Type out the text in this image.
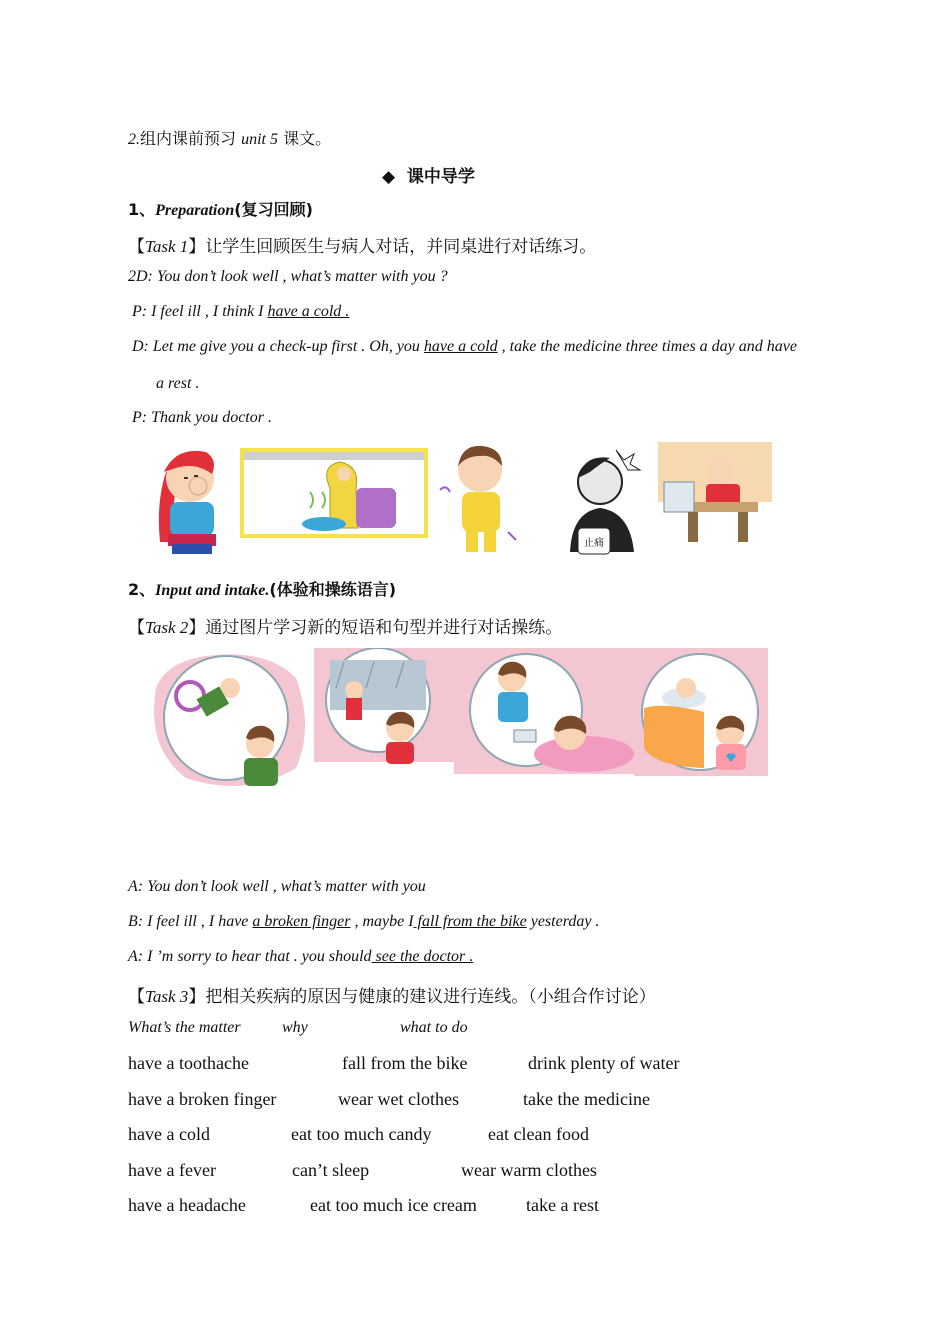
2.组内课前预习 unit 5 课文。
◆ 课中导学
1、Preparation(复习回顾)
【Task 1】让学生回顾医生与病人对话，并同桌进行对话练习。
2D: You don’t look well , what’s matter with you ?
P: I feel ill , I think I have a cold .
D: Let me give you a check-up first . Oh, you have a cold , take the medicine three times a day and have
a rest .
P: Thank you doctor .
止痛
2、Input and intake.(体验和操练语言)
【Task 2】通过图片学习新的短语和句型并进行对话操练。
A: You don’t look well , what’s matter with you
B: I feel ill , I have a broken finger , maybe I fall from the bike yesterday .
A: I ’m sorry to hear that . you should see the doctor .
【Task 3】把相关疾病的原因与健康的建议进行连线。（小组合作讨论）
What’s the matter	why	what to do
have a toothache	fall from the bike	drink plenty of water
have a broken finger	wear wet clothes	take the medicine
have a cold	eat too much candy	eat clean food
have a fever	can’t sleep	wear warm clothes
have a headache	eat too much ice cream	take a rest
